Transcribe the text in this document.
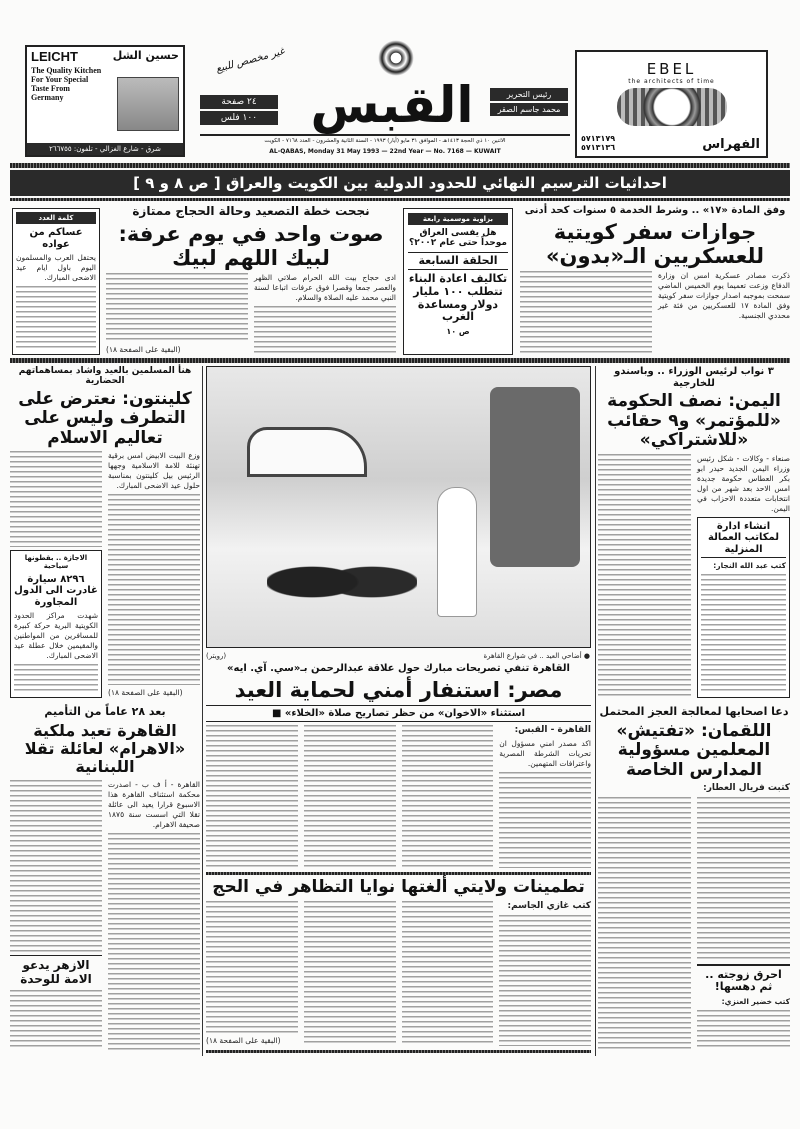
LEICHT	حسين الشل
The Quality Kitchen
For Your Special
Taste From
Germany
شرق - شارع الغزالي - تلفون: ٢٦٦٧٥٥
٢٤ صفحة
١٠٠ فلس
غير مخصص للبيع
القبس	رئيس التحرير
محمد جاسم الصقر
الاثنين ١٠ ذي الحجة ١٤١٣هـ - الموافق ٣١ مايو (أيار) ١٩٩٣ - السنة الثانية والعشرون - العدد ٧١٦٨ - الكويت
AL-QABAS, Monday 31 May 1993 — 22nd Year — No. 7168 — KUWAIT
EBEL
the architects of time
٥٧١٣١٧٩
٥٧١٣١٣٦	الفهراس
احداثيات الترسيم النهائي للحدود الدولية بين الكويت والعراق [ ص ٨ و ٩ ]
وفق المادة «١٧» .. وشرط الخدمة ٥ سنوات كحد أدنى
جوازات سفر كويتية للعسكريين الـ«بدون»
ذكرت مصادر عسكرية امس ان وزارة الدفاع وزعت تعميما يوم الخميس الماضي سمحت بموجبه اصدار جوازات سفر كويتية وفق المادة ١٧ للعسكريين من فئة غير محددي الجنسية.
بزاوية موسمية رابعة
هل يفسى العراق موحداً حتى عام ٢٠٠٢؟
الحلقة السابعة
تكاليف اعادة البناء تتطلب ١٠٠ مليار دولار ومساعدة الغرب
ص ١٠
نجحت خطة التصعيد وحالة الحجاج ممتازة
صوت واحد في يوم عرفة: لبيك اللهم لبيك
ادى حجاج بيت الله الحرام صلاتي الظهر والعصر جمعا وقصرا فوق عرفات اتباعا لسنة النبي محمد عليه الصلاة والسلام.
(البقية على الصفحة ١٨)
كلمة العدد
عساكم من عواده
يحتفل العرب والمسلمون اليوم باول ايام عيد الاضحى المبارك.
٣ نواب لرئيس الوزراء .. وباسندو للخارجية
اليمن: نصف الحكومة «للمؤتمر» و٩ حقائب «للاشتراكي»
صنعاء - وكالات - شكل رئيس وزراء اليمن الجديد حيدر ابو بكر العطاس حكومة جديدة امس الاحد بعد شهر من اول انتخابات متعددة الاحزاب في اليمن.
انشاء ادارة لمكاتب العمالة المنزلية
كتب عبد الله النجار:
● أضاحي العيد .. في شوارع القاهرة
(رويتر)
القاهرة تنفي تصريحات مبارك حول علاقة عبدالرحمن بـ«سي. آي. ايه»
مصر: استنفار أمني لحماية العيد
استثناء «الاخوان» من حظر تصاريح صلاة «الخلاء» ■
القاهرة - القبس:
اكد مصدر امني مسؤول ان تحريات الشرطة المصرية واعترافات المتهمين.
هنأ المسلمين بالعيد واشاد بمساهماتهم الحضارية
كلينتون: نعترض على التطرف وليس على تعاليم الاسلام
وزع البيت الابيض امس برقية تهنئة للامة الاسلامية وجهها الرئيس بيل كلينتون بمناسبة حلول عيد الاضحى المبارك.
(البقية على الصفحة ١٨)
الاجازة .. بقطونها سياحية
٨٢٩٦ سيارة غادرت الى الدول المجاورة
شهدت مراكز الحدود الكويتية البرية حركة كبيرة للمسافرين من المواطنين والمقيمين خلال عطلة عيد الاضحى المبارك.
دعا اصحابها لمعالجة العجز المحتمل
اللقمان: «تفتيش» المعلمين مسؤولية المدارس الخاصة
كتبت فريال العطار:
احرق زوجته .. ثم دهسها!
كتب خضير العنزي:
بعد ٢٨ عاماً من التأميم
القاهرة تعيد ملكية «الاهرام» لعائلة تقلا اللبنانية
القاهرة - أ ف ب - اصدرت محكمة استئناف القاهرة هذا الاسبوع قرارا يعيد الى عائلة تقلا التي اسست سنة ١٨٧٥ صحيفة الاهرام.
الازهر يدعو الامة للوحدة
تطمينات ولايتي ألغتها نوايا التظاهر في الحج
كتب غازي الجاسم:
(البقية على الصفحة ١٨)
